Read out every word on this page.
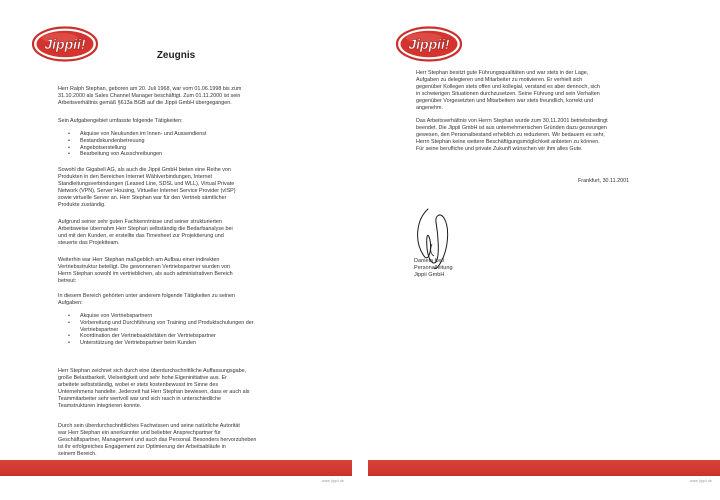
Jippii!
Zeugnis
Herr Ralph Stephan, geboren am 20. Juli 1968, war vom 01.06.1998 bis zum
31.10.2000 als Sales Channel Manager beschäftigt. Zum 01.11.2000 ist sein
Arbeitsverhältnis gemäß §613a BGB auf die Jippii GmbH übergegangen.
Sein Aufgabengebiet umfasste folgende Tätigkeiten:
• Akquise von Neukunden im Innen- und Aussendienst
• Bestandskundenbetreuung
• Angebotserstellung
• Bearbeitung von Ausschreibungen
Sowohl die Gigabell AG, als auch die Jippii GmbH bieten eine Reihe von
Produkten in den Bereichen Internet Wählverbindungen, Internet
Standleitungsverbindungen (Leased Line, SDSL und WLL), Virtual Private
Network (VPN), Server Housing, Virtueller Internet Service Provider (vISP)
sowie virtuelle Server an. Herr Stephan war für den Vertrieb sämtlicher
Produkte zuständig.
Aufgrund seiner sehr guten Fachkenntnisse und seiner strukturierten
Arbeitsweise übernahm Herr Stephan selbständig die Bedarfsanalyse bei
und mit den Kunden, er erstellte das Timesheet zur Projektierung und
steuerte das Projektteam.
Weiterhin war Herr Stephan maßgeblich am Aufbau einer indirekten
Vertriebsstruktur beteiligt. Die gewonnenen Vertriebspartner wurden von
Herrn Stephan sowohl im vertrieblichen, als auch administrativen Bereich
betreut:
In diesem Bereich gehörten unter anderem folgende Tätigkeiten zu seinen
Aufgaben:
• Akquise von Vertriebspartnern
• Vorbereitung und Durchführung von Training und Produktschulungen der
Vertriebspartner
• Koordination der Vertriebsaktivitäten der Vertriebspartner
• Unterstützung der Vertriebspartner beim Kunden
Herr Stephan zeichnet sich durch eine überdurchschnittliche Auffassungsgabe,
große Belastbarkeit, Vielseitigkeit und sehr hohe Eigeninitiative aus. Er
arbeitete selbstständig, wobei er stets kostenbewusst im Sinne des
Unternehmens handelte. Jederzeit hat Herr Stephan bewiesen, dass er auch als
Teammitarbeiter sehr wertvoll war und sich rasch in unterschiedliche
Teamstrukturen integrieren konnte.
Durch sein überdurchschnittliches Fachwissen und seine natürliche Autorität
war Herr Stephan ein anerkannter und beliebter Ansprechpartner für
Geschäftspartner, Management und auch das Personal. Besonders hervorzuheben
ist ihr erfolgreiches Engagement zur Optimierung der Arbeitsabläufe in
seinem Bereich.
www.jippii.de
Jippii!
Herr Stephan besitzt gute Führungsqualitäten und war stets in der Lage,
Aufgaben zu delegieren und Mitarbeiter zu motivieren. Er verhielt sich
gegenüber Kollegen stets offen und kollegial, verstand es aber dennoch, sich
in schwierigen Situationen durchzusetzen. Seine Führung und sein Verhalten
gegenüber Vorgesetzten und Mitarbeitern war stets freundlich, korrekt und
angenehm.
Das Arbeitsverhältnis von Herrn Stephan wurde zum 30.11.2001 betriebsbedingt
beendet. Die Jippii GmbH ist aus unternehmerischen Gründen dazu gezwungen
gewesen, den Personalbestand erheblich zu reduzieren. Wir bedauern es sehr,
Herrn Stephan keine weitere Beschäftigungsmöglichkeit anbieten zu können.
Für seine berufliche und private Zukunft wünschen wir ihm alles Gute.
Frankfurt, 30.11.2001
Daniela Keil
Personalleitung
Jippii GmbH
www.jippii.de
